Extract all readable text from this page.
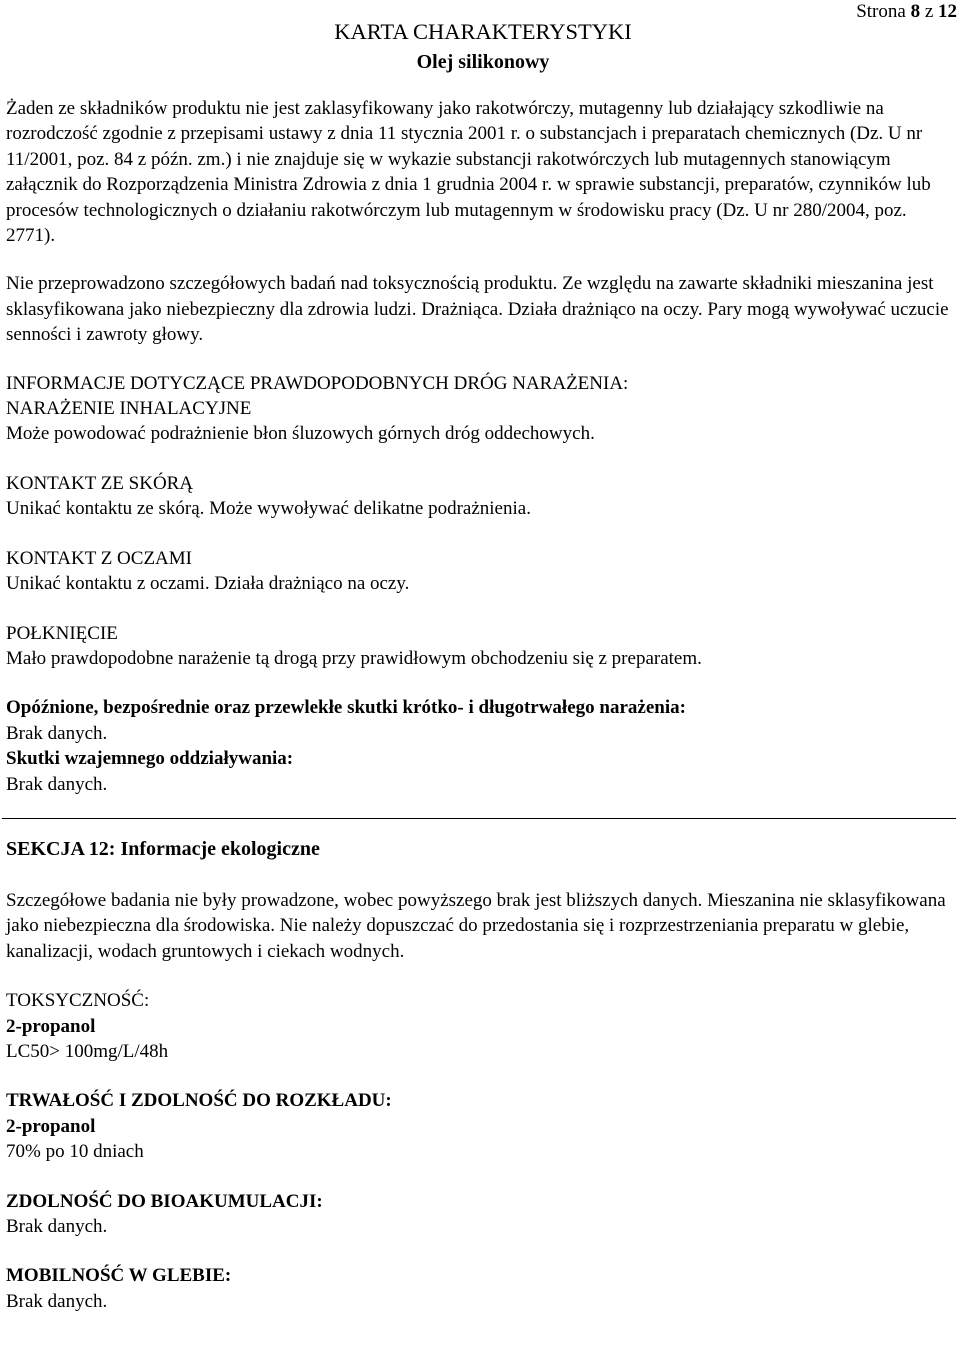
Strona 8 z 12
KARTA CHARAKTERYSTYKI
Olej silikonowy

Żaden ze składników produktu nie jest zaklasyfikowany jako rakotwórczy, mutagenny lub działający szkodliwie na rozrodczość zgodnie z przepisami ustawy z dnia 11 stycznia 2001 r. o substancjach i preparatach chemicznych (Dz. U nr 11/2001, poz. 84 z późn. zm.) i nie znajduje się w wykazie substancji rakotwórczych lub mutagennych stanowiącym załącznik do Rozporządzenia Ministra Zdrowia z dnia 1 grudnia 2004 r. w sprawie substancji, preparatów, czynników lub procesów technologicznych o działaniu rakotwórczym lub mutagennym w środowisku pracy (Dz. U nr 280/2004, poz. 2771).

Nie przeprowadzono szczegółowych badań nad toksycznością produktu. Ze względu na zawarte składniki mieszanina jest sklasyfikowana jako niebezpieczny dla zdrowia ludzi. Drażniąca. Działa drażniąco na oczy. Pary mogą wywoływać uczucie senności i zawroty głowy.

INFORMACJE DOTYCZĄCE PRAWDOPODOBNYCH DRÓG NARAŻENIA:

NARAŻENIE INHALACYJNE

Może powodować podrażnienie błon śluzowych górnych dróg oddechowych.

KONTAKT ZE SKÓRĄ

Unikać kontaktu ze skórą. Może wywoływać delikatne podrażnienia.

KONTAKT Z OCZAMI

Unikać kontaktu z oczami. Działa drażniąco na oczy.

POŁKNIĘCIE

Mało prawdopodobne narażenie tą drogą przy prawidłowym obchodzeniu się z preparatem.

Opóźnione, bezpośrednie oraz przewlekłe skutki krótko- i długotrwałego narażenia:

Brak danych.

Skutki wzajemnego oddziaływania:

Brak danych.

SEKCJA 12: Informacje ekologiczne

Szczegółowe badania nie były prowadzone, wobec powyższego brak jest bliższych danych. Mieszanina nie sklasyfikowana jako niebezpieczna dla środowiska. Nie należy dopuszczać do przedostania się i rozprzestrzeniania preparatu w glebie, kanalizacji, wodach gruntowych i ciekach wodnych.

TOKSYCZNOŚĆ:

2-propanol

LC50> 100mg/L/48h

TRWAŁOŚĆ I ZDOLNOŚĆ DO ROZKŁADU:

2-propanol

70% po 10 dniach

ZDOLNOŚĆ DO BIOAKUMULACJI:

Brak danych.

MOBILNOŚĆ W GLEBIE:

Brak danych.
